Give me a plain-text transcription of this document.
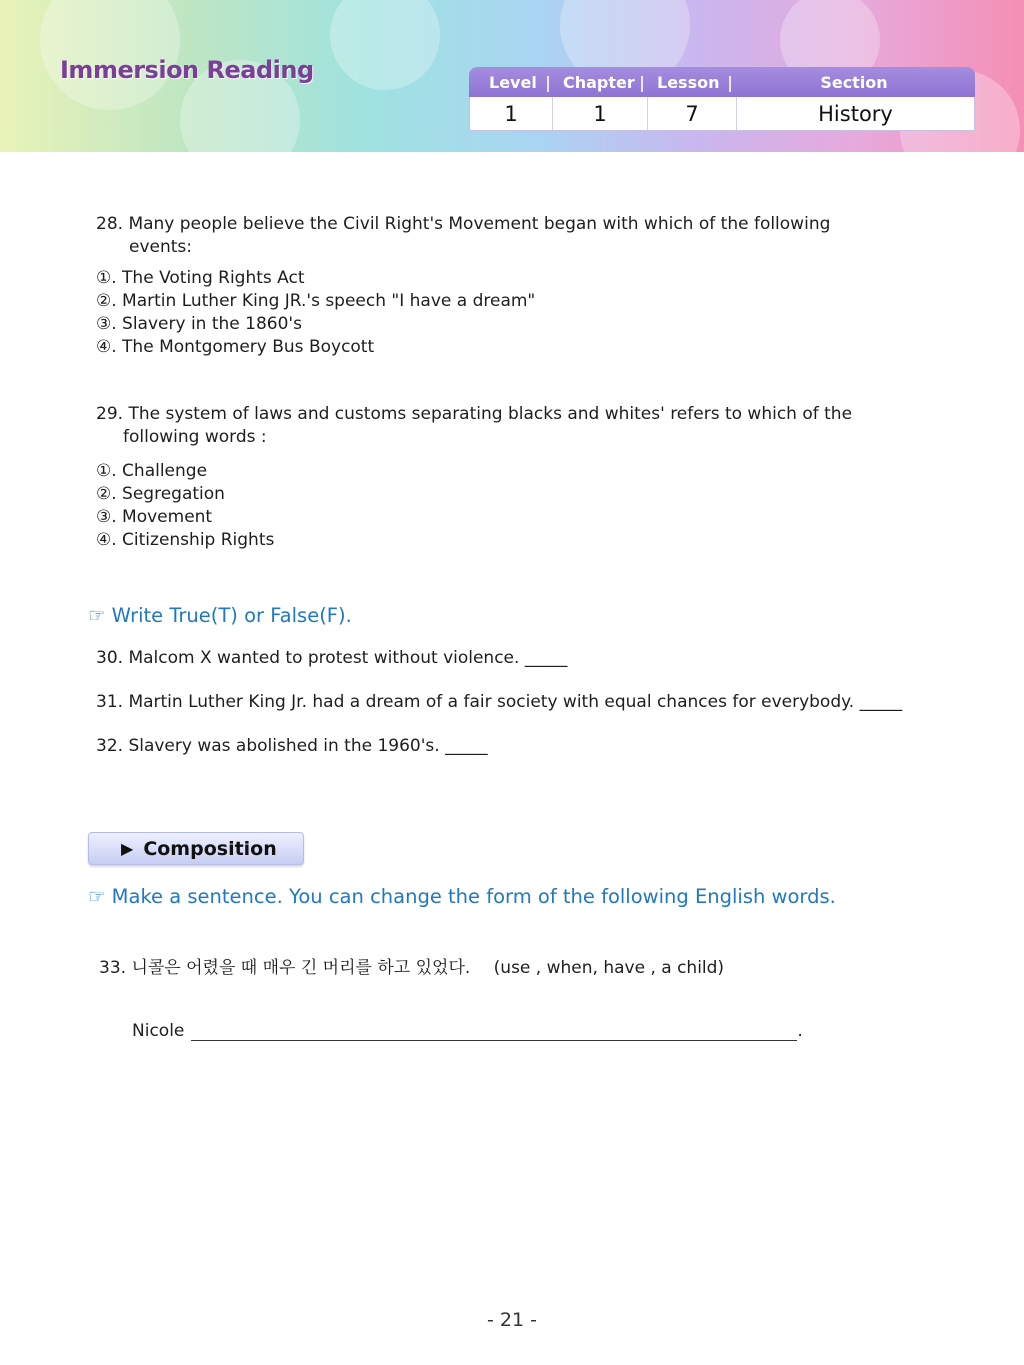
Immersion Reading	Level | Chapter | Lesson |	Section
1	1	7	History
28. Many people believe the Civil Right's Movement began with which of the following
events:
①. The Voting Rights Act
②. Martin Luther King JR.'s speech "I have a dream"
③. Slavery in the 1860's
④. The Montgomery Bus Boycott
29. The system of laws and customs separating blacks and whites' refers to which of the
following words :
①. Challenge
②. Segregation
③. Movement
④. Citizenship Rights
☞ Write True(T) or False(F).
30. Malcom X wanted to protest without violence. _____
31. Martin Luther King Jr. had a dream of a fair society with equal chances for everybody. _____
32. Slavery was abolished in the 1960's. _____
▶ Composition
☞ Make a sentence. You can change the form of the following English words.
33. 니콜은 어렸을 때 매우 긴 머리를 하고 있었다. (use , when, have , a child)
Nicole	.
- 21 -
